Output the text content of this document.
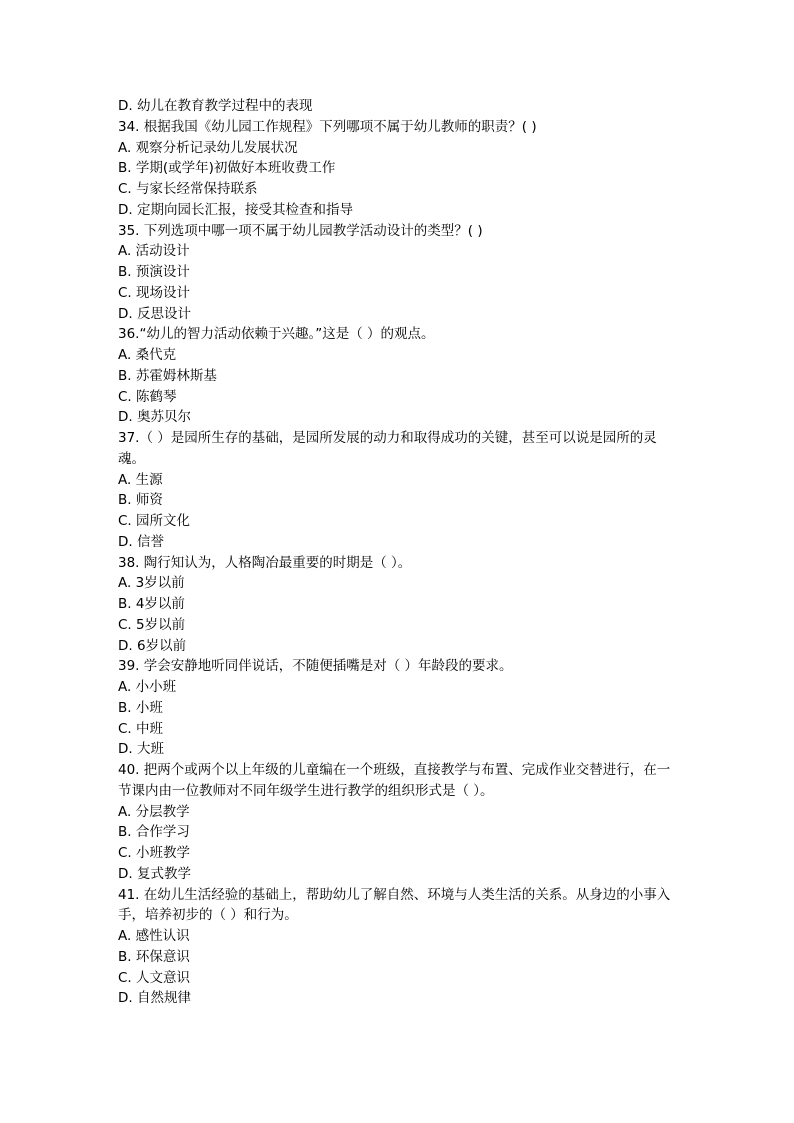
D. 幼儿在教育教学过程中的表现
34. 根据我国《幼儿园工作规程》下列哪项不属于幼儿教师的职责？( )
A. 观察分析记录幼儿发展状况
B. 学期(或学年)初做好本班收费工作
C. 与家长经常保持联系
D. 定期向园长汇报，接受其检查和指导
35. 下列选项中哪一项不属于幼儿园教学活动设计的类型？( )
A. 活动设计
B. 预演设计
C. 现场设计
D. 反思设计
36.“幼儿的智力活动依赖于兴趣。”这是（ ）的观点。
A. 桑代克
B. 苏霍姆林斯基
C. 陈鹤琴
D. 奥苏贝尔
37.（ ）是园所生存的基础，是园所发展的动力和取得成功的关键，甚至可以说是园所的灵魂。
A. 生源
B. 师资
C. 园所文化
D. 信誉
38. 陶行知认为，人格陶冶最重要的时期是（ ）。
A. 3岁以前
B. 4岁以前
C. 5岁以前
D. 6岁以前
39. 学会安静地听同伴说话，不随便插嘴是对（ ）年龄段的要求。
A. 小小班
B. 小班
C. 中班
D. 大班
40. 把两个或两个以上年级的儿童编在一个班级，直接教学与布置、完成作业交替进行，在一节课内由一位教师对不同年级学生进行教学的组织形式是（ ）。
A. 分层教学
B. 合作学习
C. 小班教学
D. 复式教学
41. 在幼儿生活经验的基础上，帮助幼儿了解自然、环境与人类生活的关系。从身边的小事入手，培养初步的（ ）和行为。
A. 感性认识
B. 环保意识
C. 人文意识
D. 自然规律
